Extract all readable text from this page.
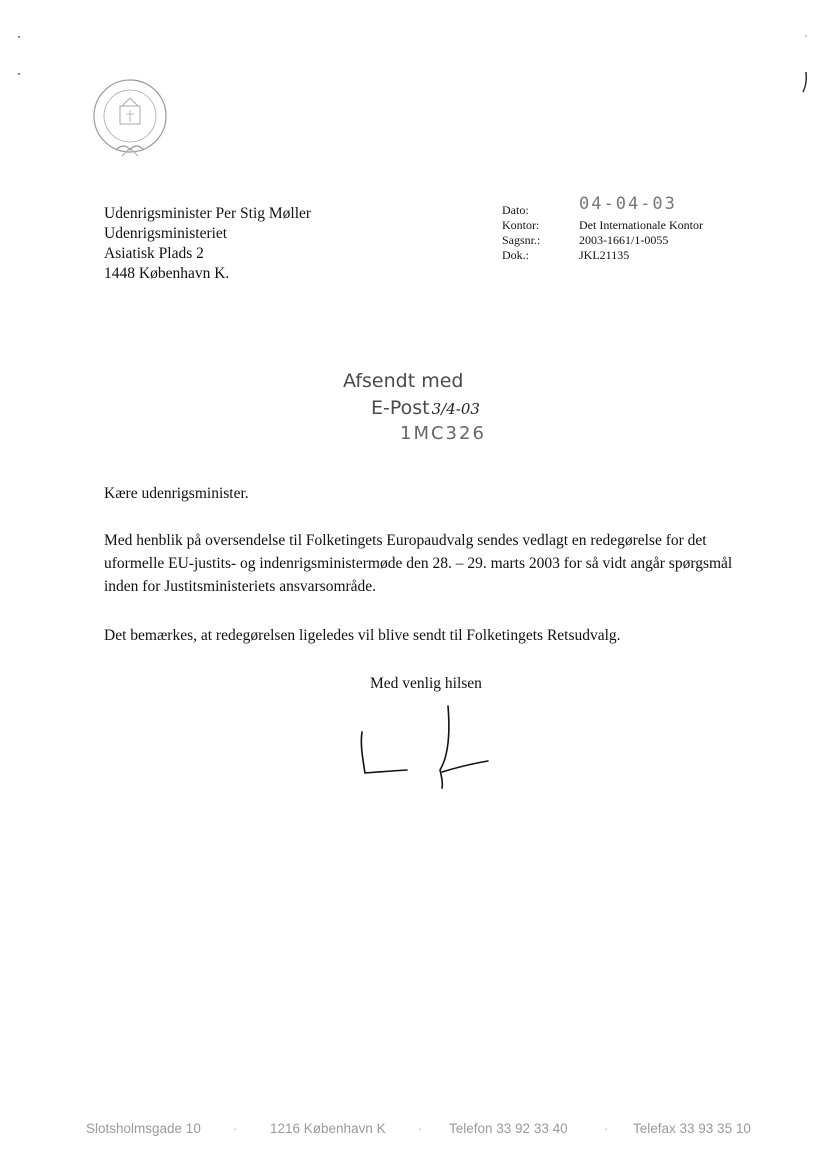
Udenrigsminister Per Stig Møller
Udenrigsministeriet
Asiatisk Plads 2
1448 København K.
Dato:	04-04-03
Kontor:	Det Internationale Kontor
Sagsnr.:	2003-1661/1-0055
Dok.:	JKL21135
Afsendt med
E-Post 3/4-03
1MC326
Kære udenrigsminister.
Med henblik på oversendelse til Folketingets Europaudvalg sendes vedlagt en redegørelse for det uformelle EU-justits- og indenrigsministermøde den 28. – 29. marts 2003 for så vidt angår spørgsmål inden for Justitsministeriets ansvarsområde.
Det bemærkes, at redegørelsen ligeledes vil blive sendt til Folketingets Retsudvalg.
Med venlig hilsen
Slotsholmsgade 10 · 1216 København K · Telefon 33 92 33 40	· Telefax 33 93 35 10
